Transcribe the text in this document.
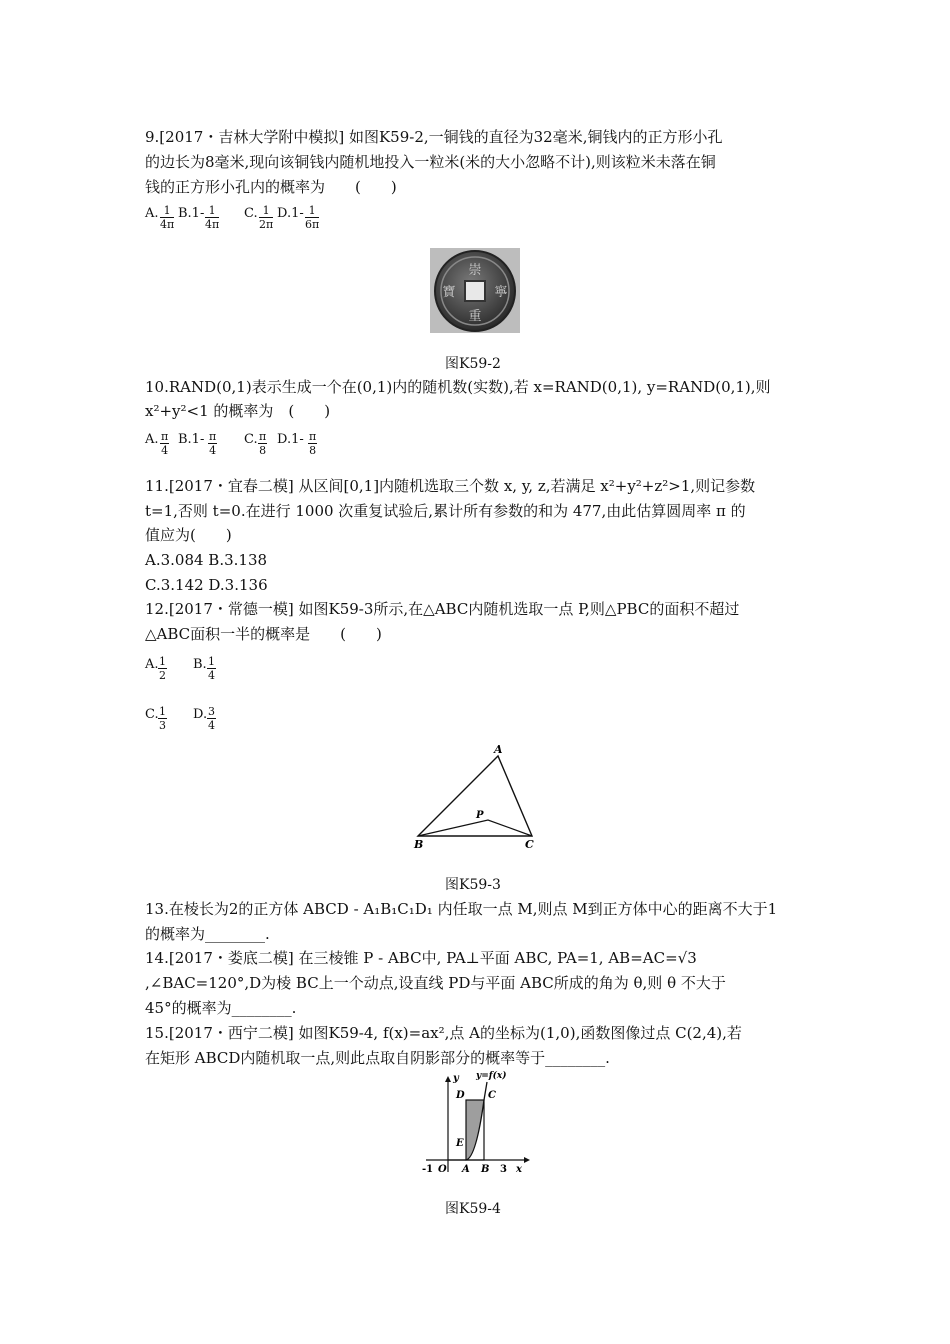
9.[2017・吉林大学附中模拟] 如图K59-2,一铜钱的直径为32毫米,铜钱内的正方形小孔
的边长为8毫米,现向该铜钱内随机地投入一粒米(米的大小忽略不计),则该粒米未落在铜
钱的正方形小孔内的概率为　　(　　)
A. $\frac{1}{4\pi} B.1- \frac{1}{4\pi} C$. $\frac{1}{2\pi} D.1- \frac{1}{6\pi}$
崇
寧
重
寶
图K59-2
10.RAND(0,1)表示生成一个在(0,1)内的随机数(实数),若 x=RAND(0,1), y=RAND(0,1),则
x²+y²<1 的概率为　(　　)
A. $\frac{\pi}{4} B.1- \frac{\pi}{4} C$. $\frac{\pi}{8} D.1- \frac{\pi}{8}$
11.[2017・宜春二模] 从区间[0,1]内随机选取三个数 x, y, z,若满足 x²+y²+z²>1,则记参数
t=1,否则 t=0.在进行 1000 次重复试验后,累计所有参数的和为 477,由此估算圆周率 π 的
值应为(　　)
A.3.084 B.3.138
C.3.142 D.3.136
12.[2017・常德一模] 如图K59-3所示,在△ABC内随机选取一点 P,则△PBC的面积不超过
△ABC面积一半的概率是　　(　　)
A. $\frac{1}{2} B$. $\frac{1}{4}$
C. $\frac{1}{3} D$. $\frac{3}{4}$
A
B	C
P
图K59-3
13.在棱长为2的正方体 ABCD - A₁B₁C₁D₁ 内任取一点 M,则点 M到正方体中心的距离不大于1
的概率为________.
14.[2017・娄底二模] 在三棱锥 P - ABC中, PA⊥平面 ABC, PA=1, AB=AC=√3
,∠BAC=120°,D为棱 BC上一个动点,设直线 PD与平面 ABC所成的角为 θ,则 θ 不大于
45°的概率为________.
15.[2017・西宁二模] 如图K59-4, f(x)=ax²,点 A的坐标为(1,0),函数图像过点 C(2,4),若
在矩形 ABCD内随机取一点,则此点取自阴影部分的概率等于________.
y y=f(x)
D C
E
-1 O A B 3 x
图K59-4
